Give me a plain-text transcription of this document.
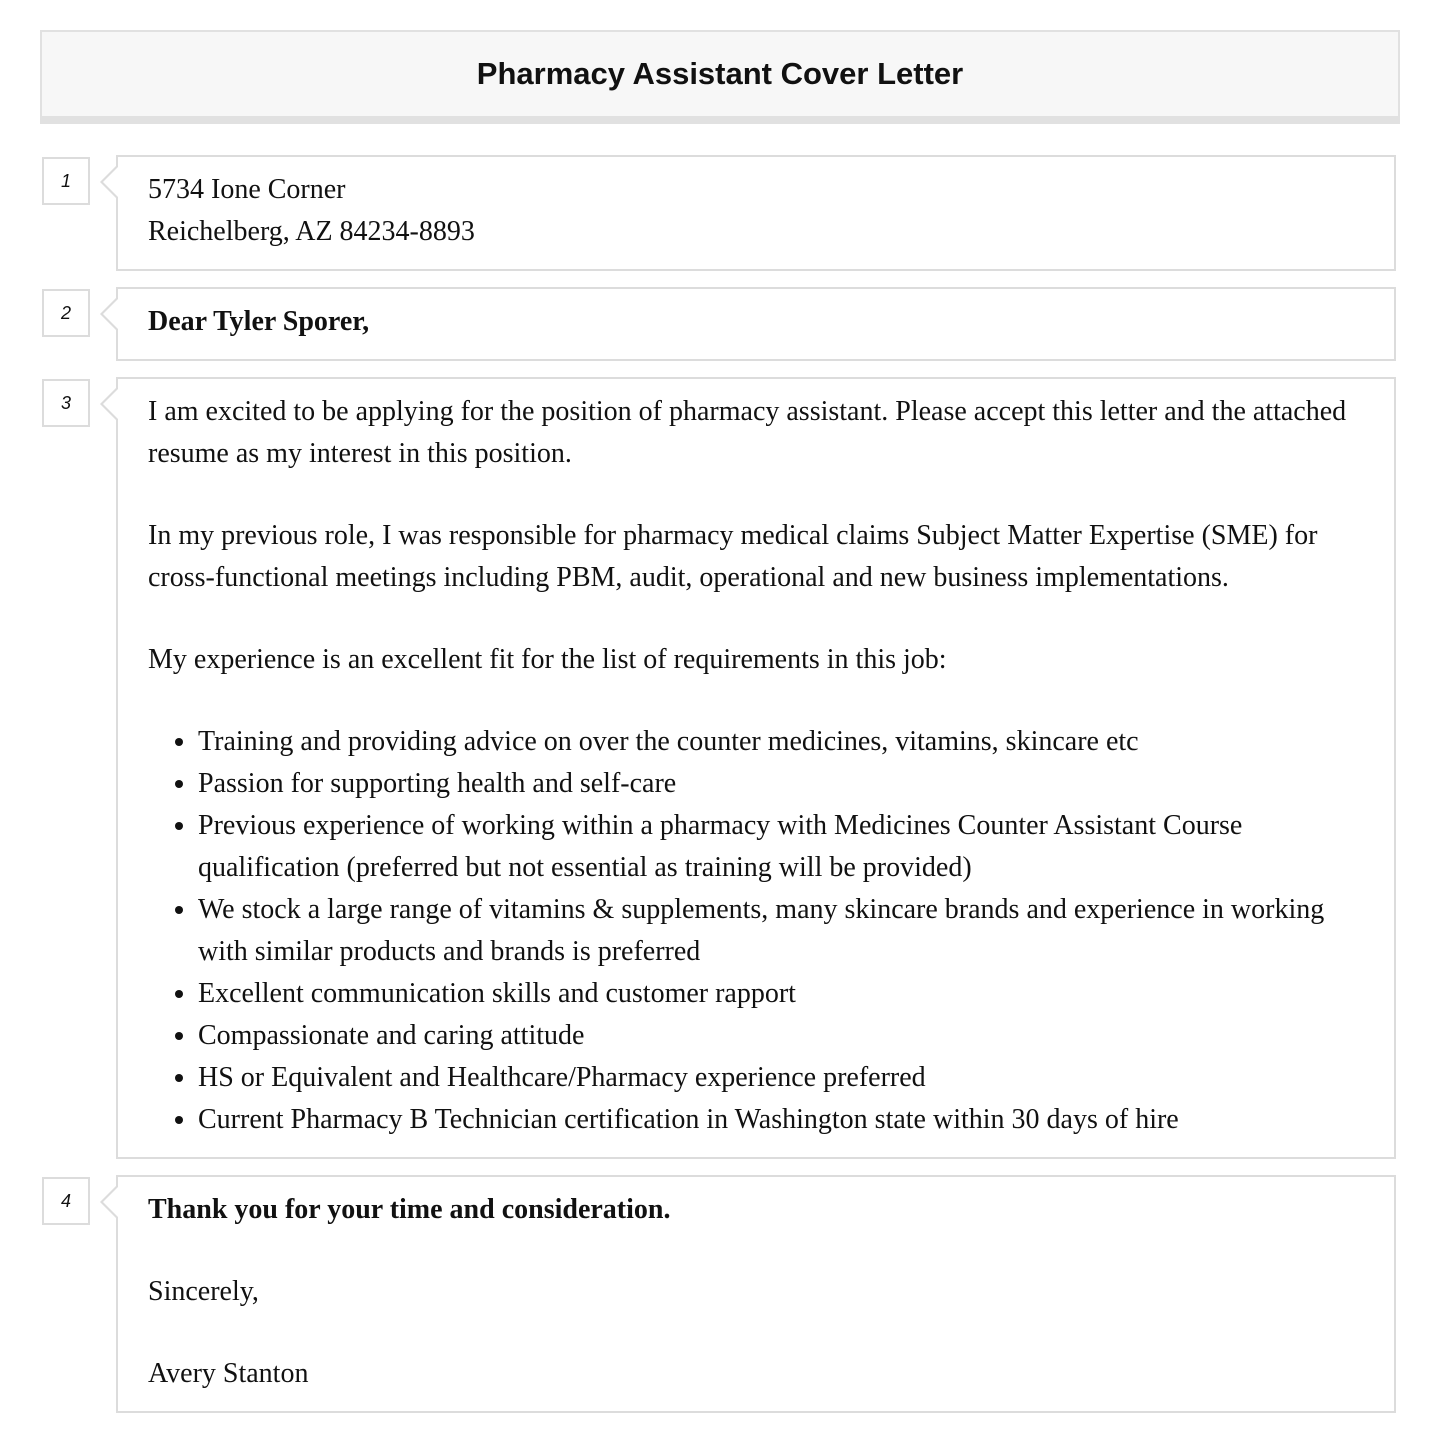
Pharmacy Assistant Cover Letter
1	5734 Ione Corner

Reichelberg, AZ 84234-8893

2	Dear Tyler Sporer,

3	I am excited to be applying for the position of pharmacy assistant. Please accept this letter and the attached resume as my interest in this position.

In my previous role, I was responsible for pharmacy medical claims Subject Matter Expertise (SME) for cross-functional meetings including PBM, audit, operational and new business implementations.

My experience is an excellent fit for the list of requirements in this job:

• Training and providing advice on over the counter medicines, vitamins, skincare etc
• Passion for supporting health and self-care
• Previous experience of working within a pharmacy with Medicines Counter Assistant Course qualification (preferred but not essential as training will be provided)
• We stock a large range of vitamins & supplements, many skincare brands and experience in working with similar products and brands is preferred
• Excellent communication skills and customer rapport
• Compassionate and caring attitude
• HS or Equivalent and Healthcare/Pharmacy experience preferred
• Current Pharmacy B Technician certification in Washington state within 30 days of hire
4	Thank you for your time and consideration.

Sincerely,

Avery Stanton
